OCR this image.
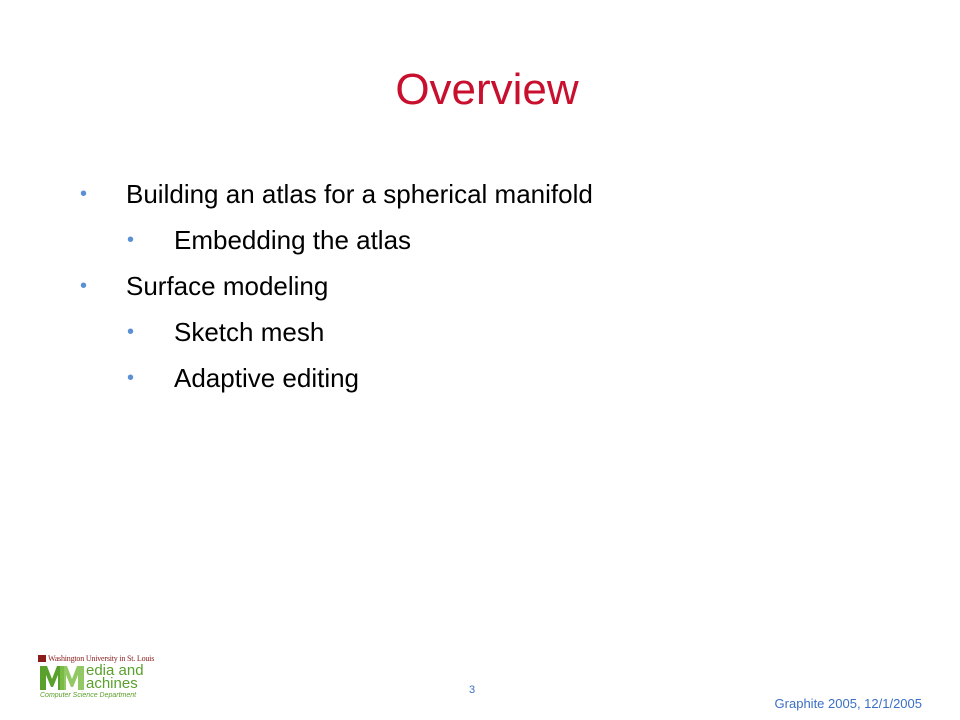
Overview
• Building an atlas for a spherical manifold
• Embedding the atlas
• Surface modeling
• Sketch mesh
• Adaptive editing
Washington University in St. Louis
edia and
achines
Computer Science Department	3
Graphite 2005, 12/1/2005
